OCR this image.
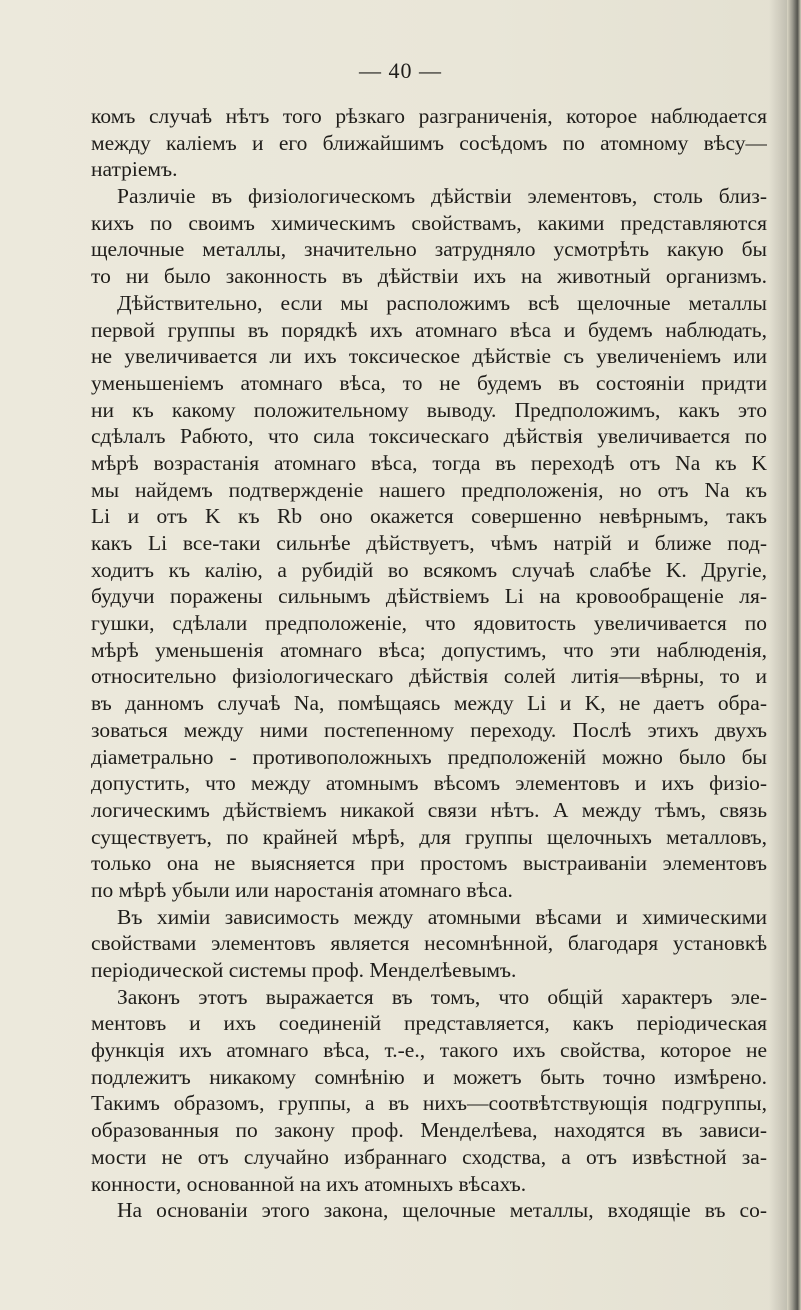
— 40 —
комъ случаѣ нѣтъ того рѣзкаго разграниченія, которое наблюдается
между каліемъ и его ближайшимъ сосѣдомъ по атомному вѣсу—
натріемъ.
Различіе въ физіологическомъ дѣйствіи элементовъ, столь близ-
кихъ по своимъ химическимъ свойствамъ, какими представляются
щелочные металлы, значительно затрудняло усмотрѣть какую бы
то ни было законность въ дѣйствіи ихъ на животный организмъ.
Дѣйствительно, если мы расположимъ всѣ щелочные металлы
первой группы въ порядкѣ ихъ атомнаго вѣса и будемъ наблюдать,
не увеличивается ли ихъ токсическое дѣйствіе съ увеличеніемъ или
уменьшеніемъ атомнаго вѣса, то не будемъ въ состояніи придти
ни къ какому положительному выводу. Предположимъ, какъ это
сдѣлалъ Рабюто, что сила токсическаго дѣйствія увеличивается по
мѣрѣ возрастанія атомнаго вѣса, тогда въ переходѣ отъ Na къ K
мы найдемъ подтвержденіе нашего предположенія, но отъ Na къ
Li и отъ K къ Rb оно окажется совершенно невѣрнымъ, такъ
какъ Li все-таки сильнѣе дѣйствуетъ, чѣмъ натрій и ближе под-
ходитъ къ калію, а рубидій во всякомъ случаѣ слабѣе K. Другіе,
будучи поражены сильнымъ дѣйствіемъ Li на кровообращеніе ля-
гушки, сдѣлали предположеніе, что ядовитость увеличивается по
мѣрѣ уменьшенія атомнаго вѣса; допустимъ, что эти наблюденія,
относительно физіологическаго дѣйствія солей литія—вѣрны, то и
въ данномъ случаѣ Na, помѣщаясь между Li и K, не даетъ обра-
зоваться между ними постепенному переходу. Послѣ этихъ двухъ
діаметрально - противоположныхъ предположеній можно было бы
допустить, что между атомнымъ вѣсомъ элементовъ и ихъ физіо-
логическимъ дѣйствіемъ никакой связи нѣтъ. А между тѣмъ, связь
существуетъ, по крайней мѣрѣ, для группы щелочныхъ металловъ,
только она не выясняется при простомъ выстраиваніи элементовъ
по мѣрѣ убыли или наростанія атомнаго вѣса.
Въ химіи зависимость между атомными вѣсами и химическими
свойствами элементовъ является несомнѣнной, благодаря установкѣ
періодической системы проф. Менделѣевымъ.
Законъ этотъ выражается въ томъ, что общій характеръ эле-
ментовъ и ихъ соединеній представляется, какъ періодическая
функція ихъ атомнаго вѣса, т.-е., такого ихъ свойства, которое не
подлежитъ никакому сомнѣнію и можетъ быть точно измѣрено.
Такимъ образомъ, группы, а въ нихъ—соотвѣтствующія подгруппы,
образованныя по закону проф. Менделѣева, находятся въ зависи-
мости не отъ случайно избраннаго сходства, а отъ извѣстной за-
конности, основанной на ихъ атомныхъ вѣсахъ.
На основаніи этого закона, щелочные металлы, входящіе въ со-
